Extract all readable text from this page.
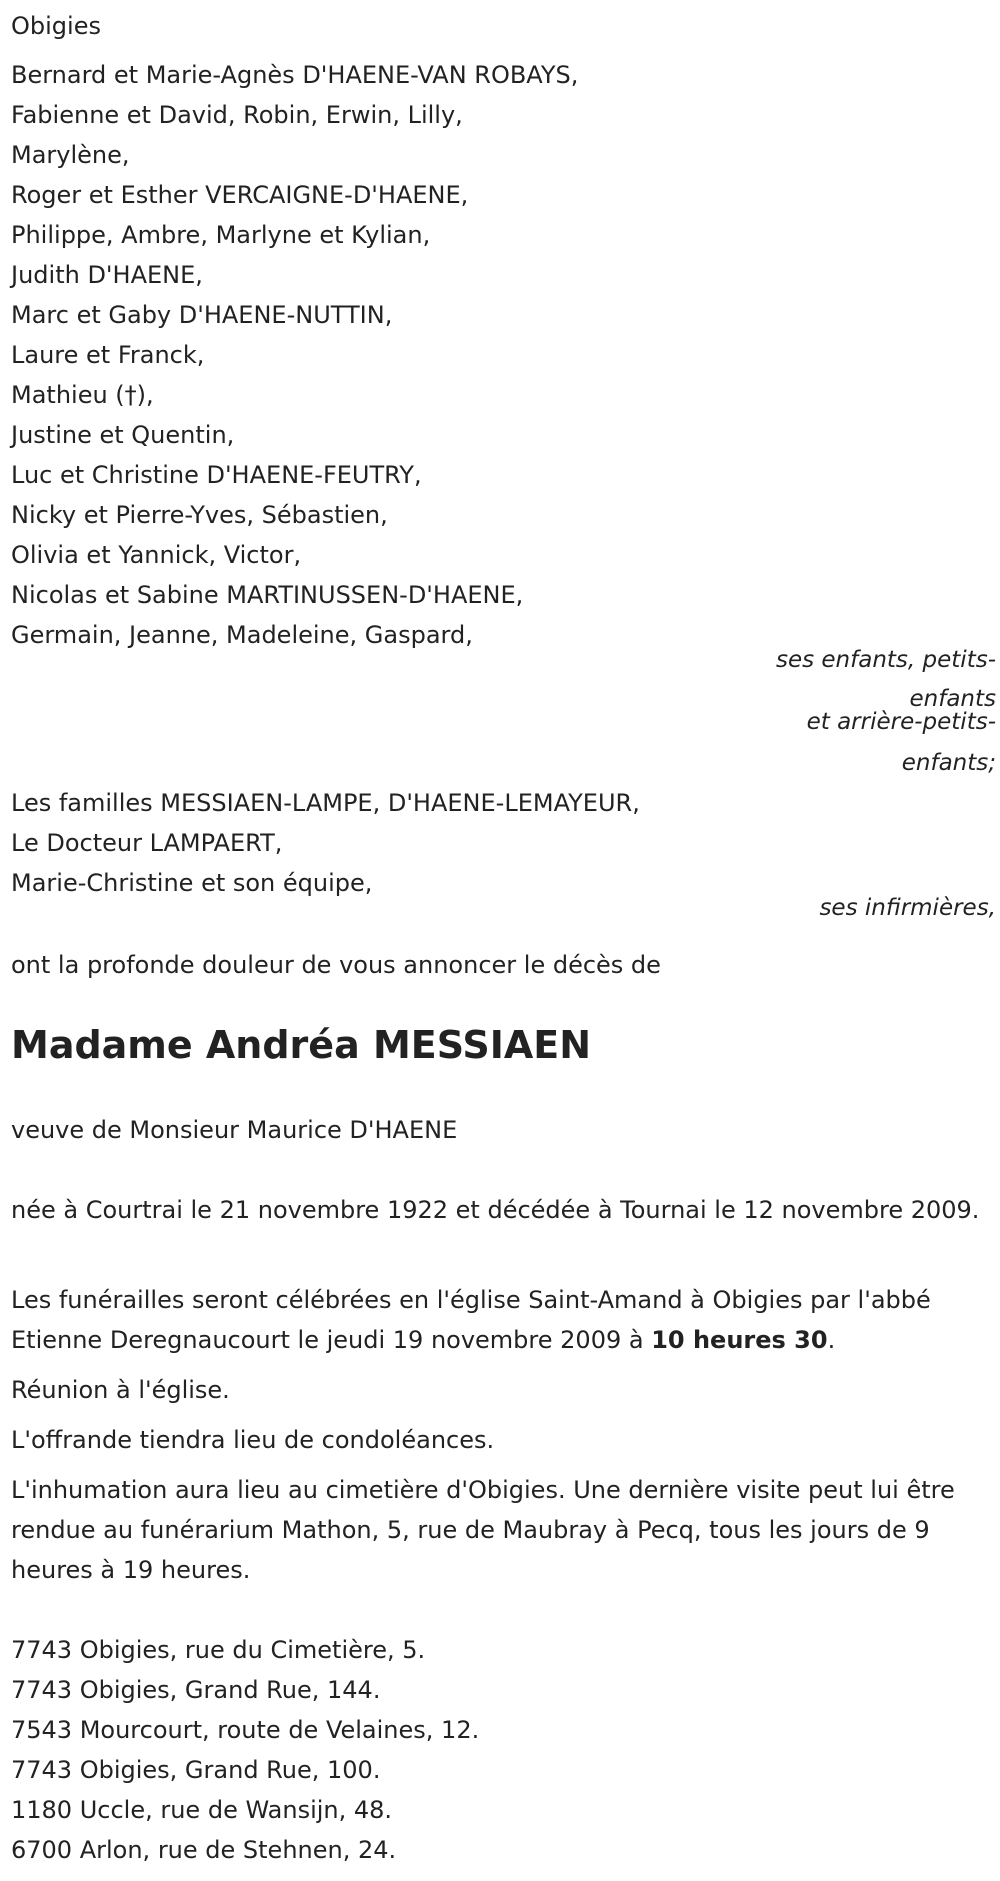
Obigies
Bernard et Marie-Agnès D'HAENE-VAN ROBAYS,
Fabienne et David, Robin, Erwin, Lilly,
Marylène,
Roger et Esther VERCAIGNE-D'HAENE,
Philippe, Ambre, Marlyne et Kylian,
Judith D'HAENE,
Marc et Gaby D'HAENE-NUTTIN,
Laure et Franck,
Mathieu (†),
Justine et Quentin,
Luc et Christine D'HAENE-FEUTRY,
Nicky et Pierre-Yves, Sébastien,
Olivia et Yannick, Victor,
Nicolas et Sabine MARTINUSSEN-D'HAENE,
Germain, Jeanne, Madeleine, Gaspard,
ses enfants, petits-
enfants
et arrière-petits-
enfants;
Les familles MESSIAEN-LAMPE, D'HAENE-LEMAYEUR,
Le Docteur LAMPAERT,
Marie-Christine et son équipe,
ses infirmières,
ont la profonde douleur de vous annoncer le décès de
Madame Andréa MESSIAEN
veuve de Monsieur Maurice D'HAENE
née à Courtrai le 21 novembre 1922 et décédée à Tournai le 12 novembre 2009.
Les funérailles seront célébrées en l'église Saint-Amand à Obigies par l'abbé Etienne Deregnaucourt le jeudi 19 novembre 2009 à 10 heures 30.
Réunion à l'église.
L'offrande tiendra lieu de condoléances.
L'inhumation aura lieu au cimetière d'Obigies. Une dernière visite peut lui être rendue au funérarium Mathon, 5, rue de Maubray à Pecq, tous les jours de 9 heures à 19 heures.
7743 Obigies, rue du Cimetière, 5.
7743 Obigies, Grand Rue, 144.
7543 Mourcourt, route de Velaines, 12.
7743 Obigies, Grand Rue, 100.
1180 Uccle, rue de Wansijn, 48.
6700 Arlon, rue de Stehnen, 24.
